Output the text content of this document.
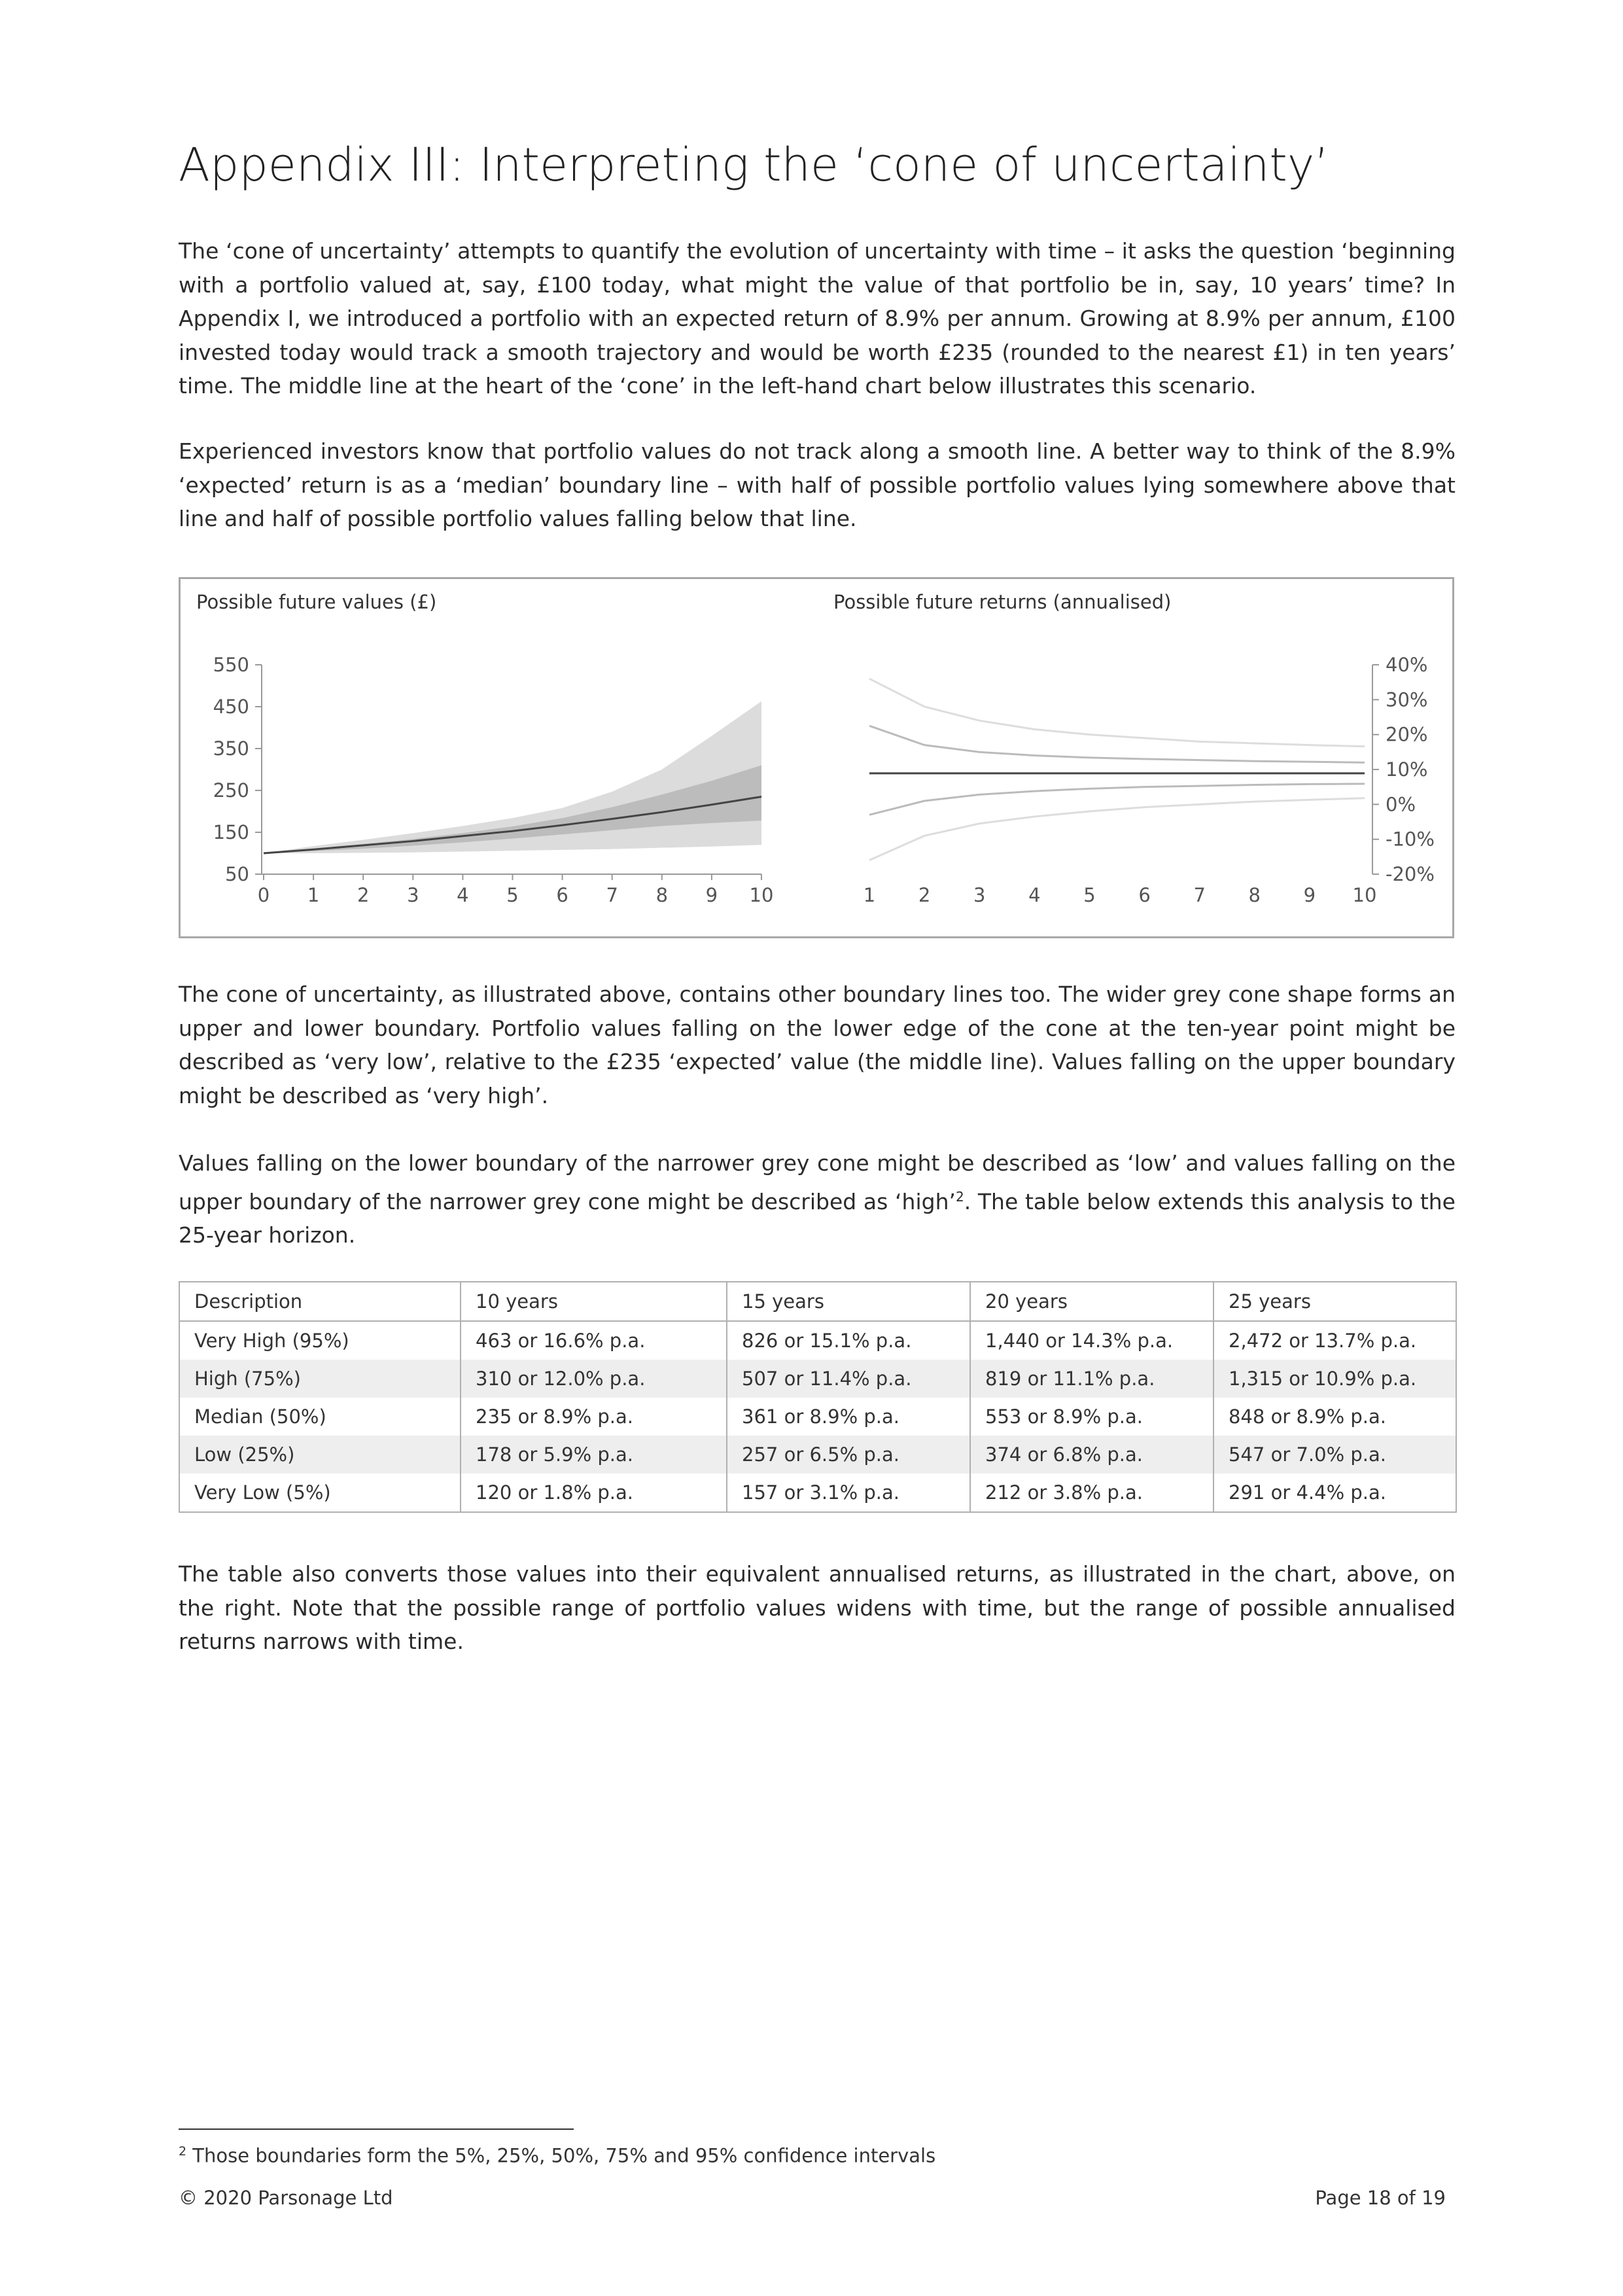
Appendix III: Interpreting the ‘cone of uncertainty’

The ‘cone of uncertainty’ attempts to quantify the evolution of uncertainty with time – it asks the question ‘beginning with a portfolio valued at, say, £100 today, what might the value of that portfolio be in, say, 10 years’ time? In Appendix I, we introduced a portfolio with an expected return of 8.9% per annum. Growing at 8.9% per annum, £100 invested today would track a smooth trajectory and would be worth £235 (rounded to the nearest £1) in ten years’ time. The middle line at the heart of the ‘cone’ in the left-hand chart below illustrates this scenario.

Experienced investors know that portfolio values do not track along a smooth line. A better way to think of the 8.9% ‘expected’ return is as a ‘median’ boundary line – with half of possible portfolio values lying somewhere above that line and half of possible portfolio values falling below that line.

Possible future values (£)	Possible future returns (annualised)
550
450
350
250
150
50
0 1 2 3 4 5 6 7 8 9 10
40%
30%
20%
10%
0%
-10%
-20%
1 2 3 4 5 6 7 8 9 10

The cone of uncertainty, as illustrated above, contains other boundary lines too. The wider grey cone shape forms an upper and lower boundary. Portfolio values falling on the lower edge of the cone at the ten-year point might be described as ‘very low’, relative to the £235 ‘expected’ value (the middle line). Values falling on the upper boundary might be described as ‘very high’.

Values falling on the lower boundary of the narrower grey cone might be described as ‘low’ and values falling on the upper boundary of the narrower grey cone might be described as ‘high’$^2$. The table below extends this analysis to the 25-year horizon.

Description	10 years	15 years	20 years	25 years
Very High (95%)	463 or 16.6% p.a.	826 or 15.1% p.a.	1,440 or 14.3% p.a.	2,472 or 13.7% p.a.
High (75%)	310 or 12.0% p.a.	507 or 11.4% p.a.	819 or 11.1% p.a.	1,315 or 10.9% p.a.
Median (50%)	235 or 8.9% p.a.	361 or 8.9% p.a.	553 or 8.9% p.a.	848 or 8.9% p.a.
Low (25%)	178 or 5.9% p.a.	257 or 6.5% p.a.	374 or 6.8% p.a.	547 or 7.0% p.a.
Very Low (5%)	120 or 1.8% p.a.	157 or 3.1% p.a.	212 or 3.8% p.a.	291 or 4.4% p.a.

The table also converts those values into their equivalent annualised returns, as illustrated in the chart, above, on the right. Note that the possible range of portfolio values widens with time, but the range of possible annualised returns narrows with time.

$^2$ Those boundaries form the 5%, 25%, 50%, 75% and 95% confidence intervals
© 2020 Parsonage Ltd	Page 18 of 19
